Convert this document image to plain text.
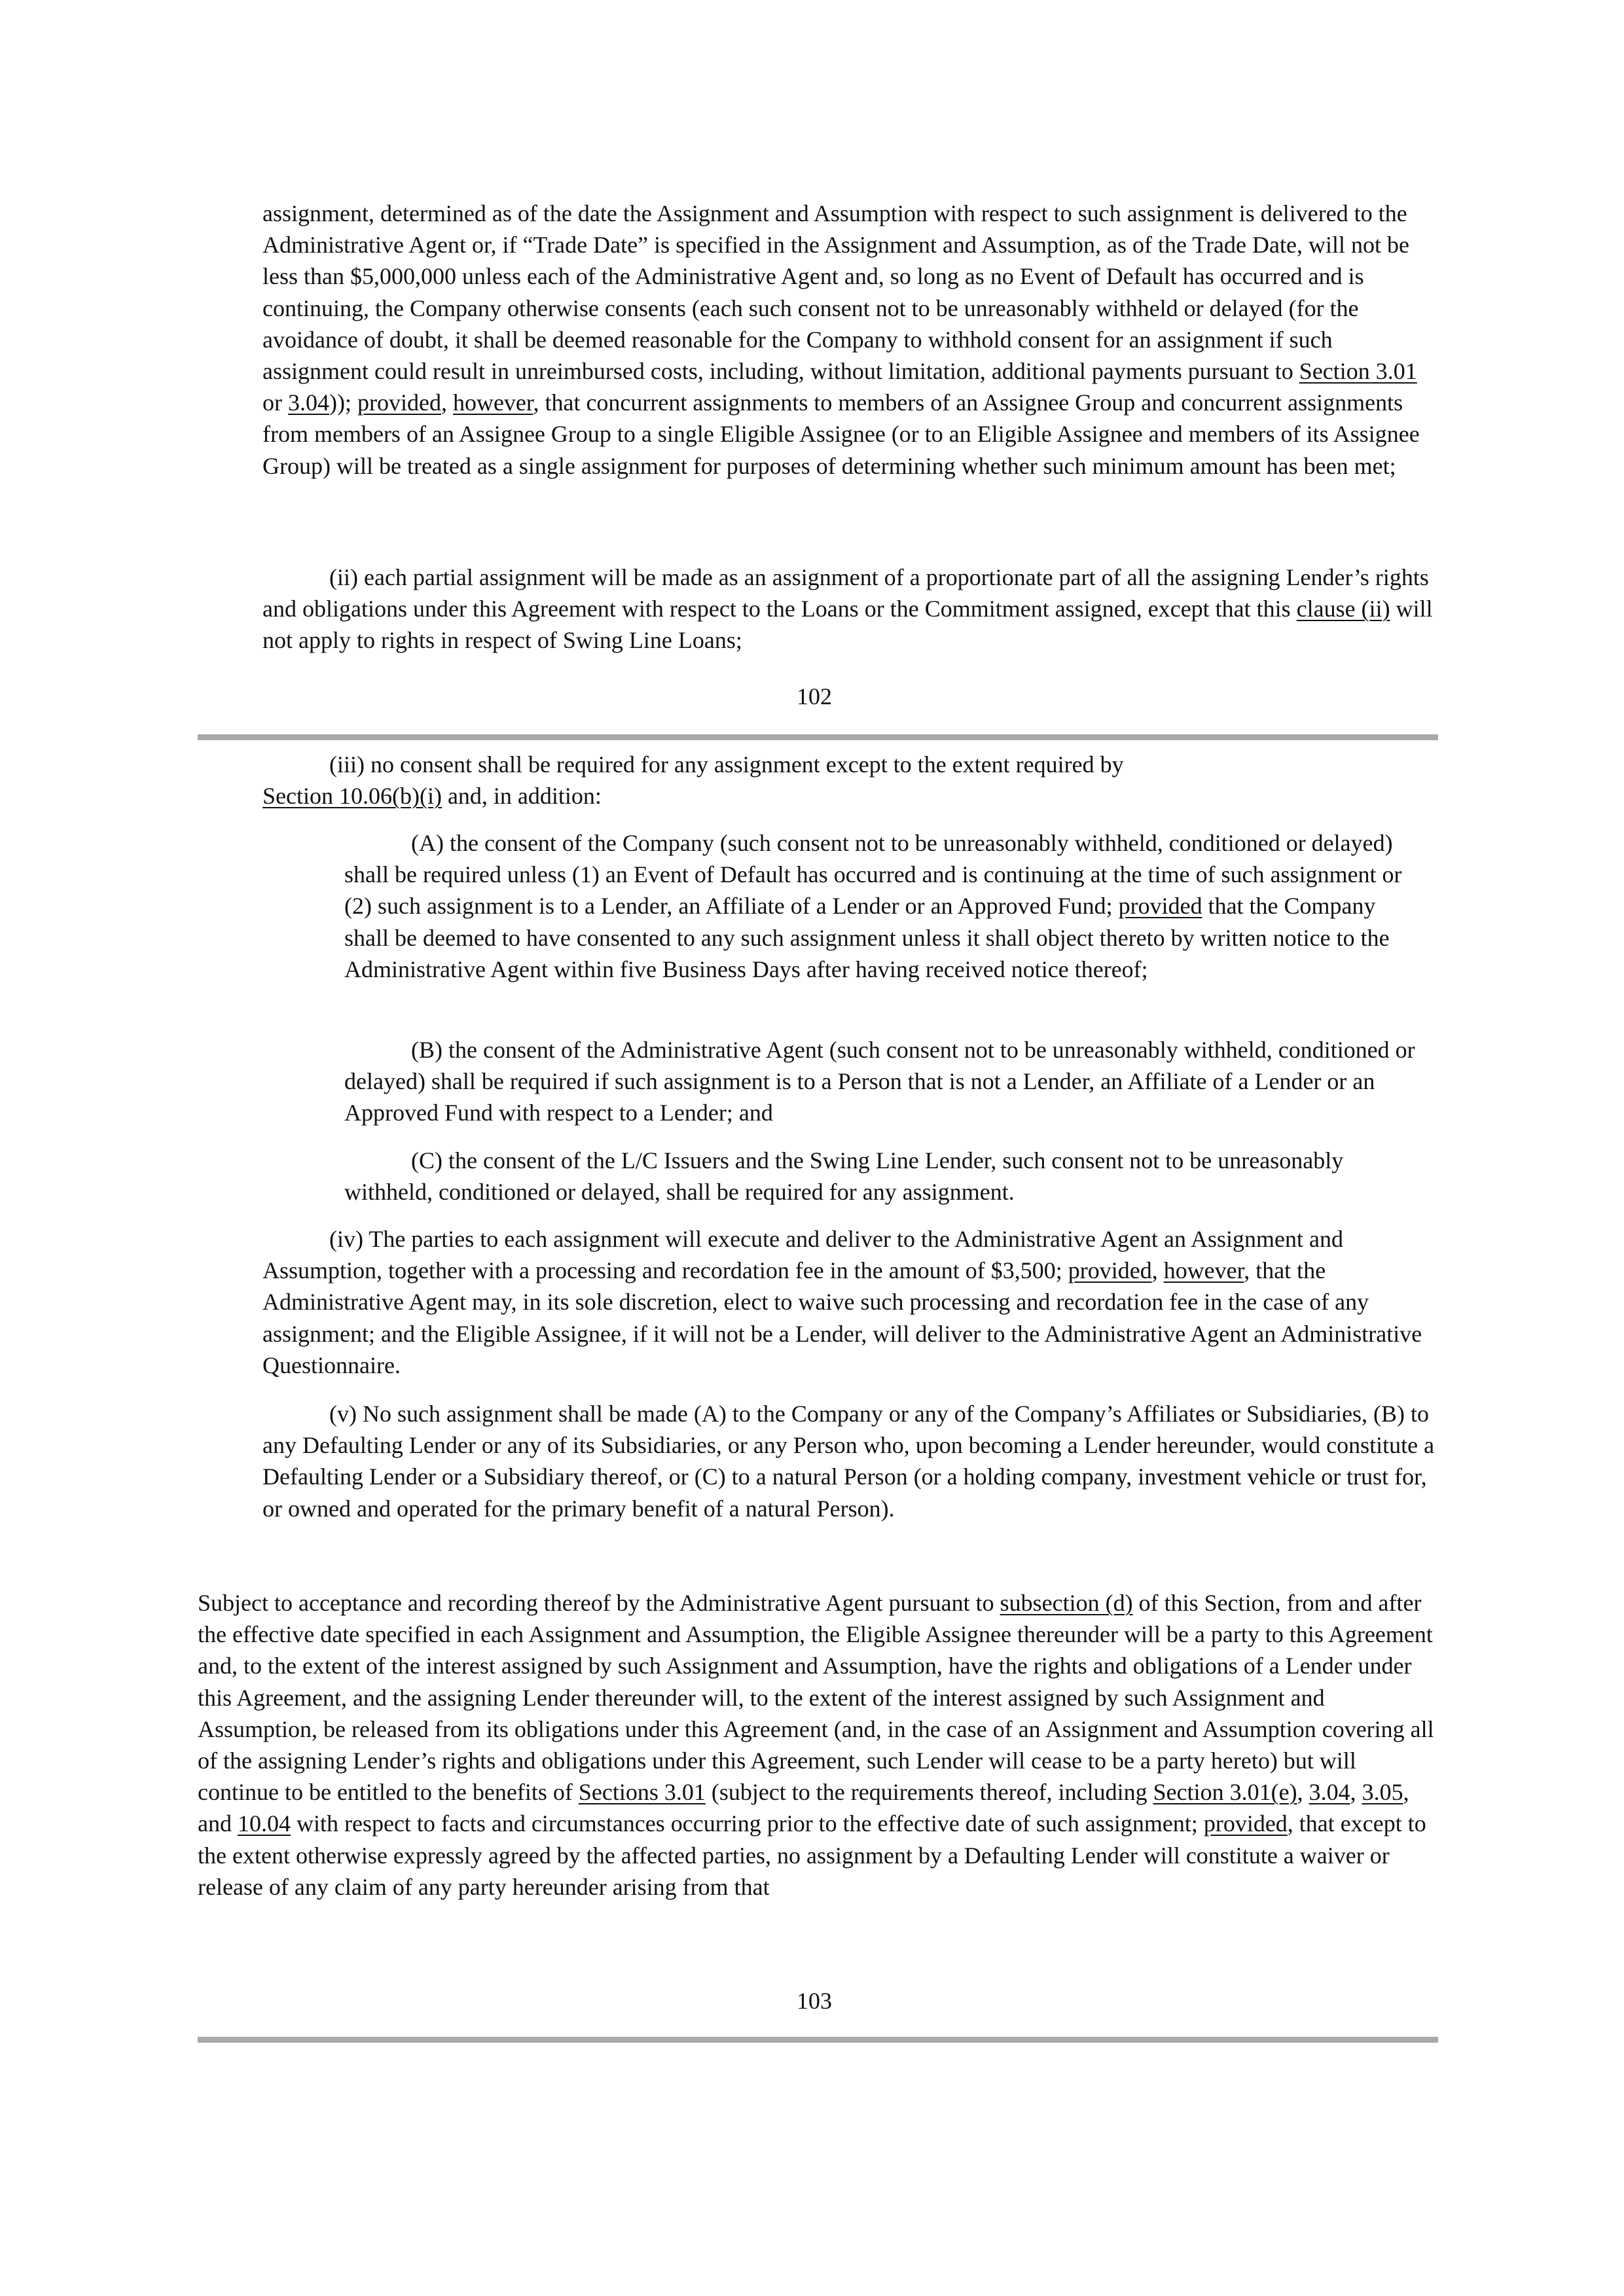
assignment, determined as of the date the Assignment and Assumption with respect to such assignment is delivered to the Administrative Agent or, if “Trade Date” is specified in the Assignment and Assumption, as of the Trade Date, will not be less than $5,000,000 unless each of the Administrative Agent and, so long as no Event of Default has occurred and is continuing, the Company otherwise consents (each such consent not to be unreasonably withheld or delayed (for the avoidance of doubt, it shall be deemed reasonable for the Company to withhold consent for an assignment if such assignment could result in unreimbursed costs, including, without limitation, additional payments pursuant to Section 3.01 or 3.04)); provided, however, that concurrent assignments to members of an Assignee Group and concurrent assignments from members of an Assignee Group to a single Eligible Assignee (or to an Eligible Assignee and members of its Assignee Group) will be treated as a single assignment for purposes of determining whether such minimum amount has been met;

(ii) each partial assignment will be made as an assignment of a proportionate part of all the assigning Lender’s rights and obligations under this Agreement with respect to the Loans or the Commitment assigned, except that this clause (ii) will not apply to rights in respect of Swing Line Loans;

102

(iii) no consent shall be required for any assignment except to the extent required by

Section 10.06(b)(i) and, in addition:

(A) the consent of the Company (such consent not to be unreasonably withheld, conditioned or delayed) shall be required unless (1) an Event of Default has occurred and is continuing at the time of such assignment or (2) such assignment is to a Lender, an Affiliate of a Lender or an Approved Fund; provided that the Company shall be deemed to have consented to any such assignment unless it shall object thereto by written notice to the Administrative Agent within five Business Days after having received notice thereof;

(B) the consent of the Administrative Agent (such consent not to be unreasonably withheld, conditioned or delayed) shall be required if such assignment is to a Person that is not a Lender, an Affiliate of a Lender or an Approved Fund with respect to a Lender; and

(C) the consent of the L/C Issuers and the Swing Line Lender, such consent not to be unreasonably withheld, conditioned or delayed, shall be required for any assignment.

(iv) The parties to each assignment will execute and deliver to the Administrative Agent an Assignment and Assumption, together with a processing and recordation fee in the amount of $3,500; provided, however, that the Administrative Agent may, in its sole discretion, elect to waive such processing and recordation fee in the case of any assignment; and the Eligible Assignee, if it will not be a Lender, will deliver to the Administrative Agent an Administrative Questionnaire.

(v) No such assignment shall be made (A) to the Company or any of the Company’s Affiliates or Subsidiaries, (B) to any Defaulting Lender or any of its Subsidiaries, or any Person who, upon becoming a Lender hereunder, would constitute a Defaulting Lender or a Subsidiary thereof, or (C) to a natural Person (or a holding company, investment vehicle or trust for, or owned and operated for the primary benefit of a natural Person).

Subject to acceptance and recording thereof by the Administrative Agent pursuant to subsection (d) of this Section, from and after the effective date specified in each Assignment and Assumption, the Eligible Assignee thereunder will be a party to this Agreement and, to the extent of the interest assigned by such Assignment and Assumption, have the rights and obligations of a Lender under this Agreement, and the assigning Lender thereunder will, to the extent of the interest assigned by such Assignment and Assumption, be released from its obligations under this Agreement (and, in the case of an Assignment and Assumption covering all of the assigning Lender’s rights and obligations under this Agreement, such Lender will cease to be a party hereto) but will continue to be entitled to the benefits of Sections 3.01 (subject to the requirements thereof, including Section 3.01(e), 3.04, 3.05, and 10.04 with respect to facts and circumstances occurring prior to the effective date of such assignment; provided, that except to the extent otherwise expressly agreed by the affected parties, no assignment by a Defaulting Lender will constitute a waiver or release of any claim of any party hereunder arising from that

103
